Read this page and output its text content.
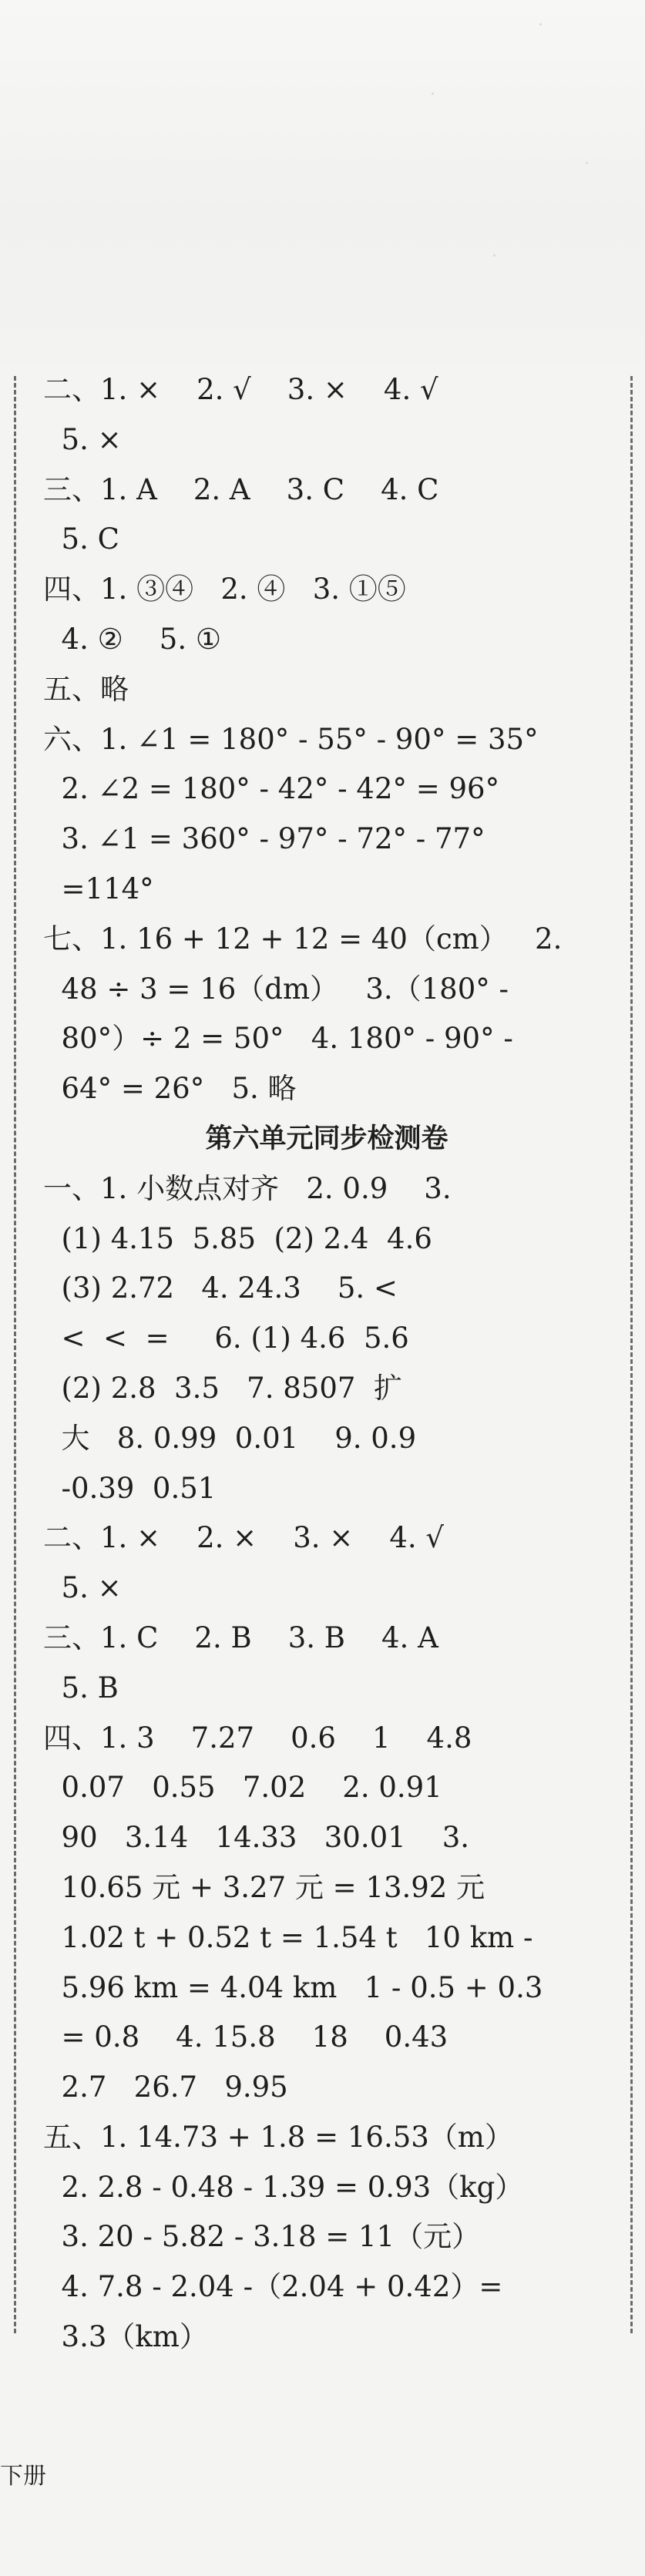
二、1. ×    2. √    3. ×    4. √
5. ×
三、1. A    2. A    3. C    4. C
5. C
四、1. ③④   2. ④   3. ①⑤
4. ②    5. ①
五、略
六、1. ∠1 = 180° - 55° - 90° = 35°
2. ∠2 = 180° - 42° - 42° = 96°
3. ∠1 = 360° - 97° - 72° - 77°
=114°
七、1. 16 + 12 + 12 = 40（cm）   2.
48 ÷ 3 = 16（dm）   3.（180° -
80°）÷ 2 = 50°   4. 180° - 90° -
64° = 26°   5. 略
第六单元同步检测卷
一、1. 小数点对齐   2. 0.9    3.
(1) 4.15  5.85  (2) 2.4  4.6
(3) 2.72   4. 24.3    5. <
<  <  =     6. (1) 4.6  5.6
(2) 2.8  3.5   7. 8507  扩
大   8. 0.99  0.01    9. 0.9
-0.39  0.51
二、1. ×    2. ×    3. ×    4. √
5. ×
三、1. C    2. B    3. B    4. A
5. B
四、1. 3    7.27    0.6    1    4.8
0.07   0.55   7.02    2. 0.91
90   3.14   14.33   30.01    3.
10.65 元 + 3.27 元 = 13.92 元
1.02 t + 0.52 t = 1.54 t   10 km -
5.96 km = 4.04 km   1 - 0.5 + 0.3
= 0.8    4. 15.8    18    0.43
2.7   26.7   9.95
五、1. 14.73 + 1.8 = 16.53（m）
2. 2.8 - 0.48 - 1.39 = 0.93（kg）
3. 20 - 5.82 - 3.18 = 11（元）
4. 7.8 - 2.04 -（2.04 + 0.42）=
3.3（km）
下册
